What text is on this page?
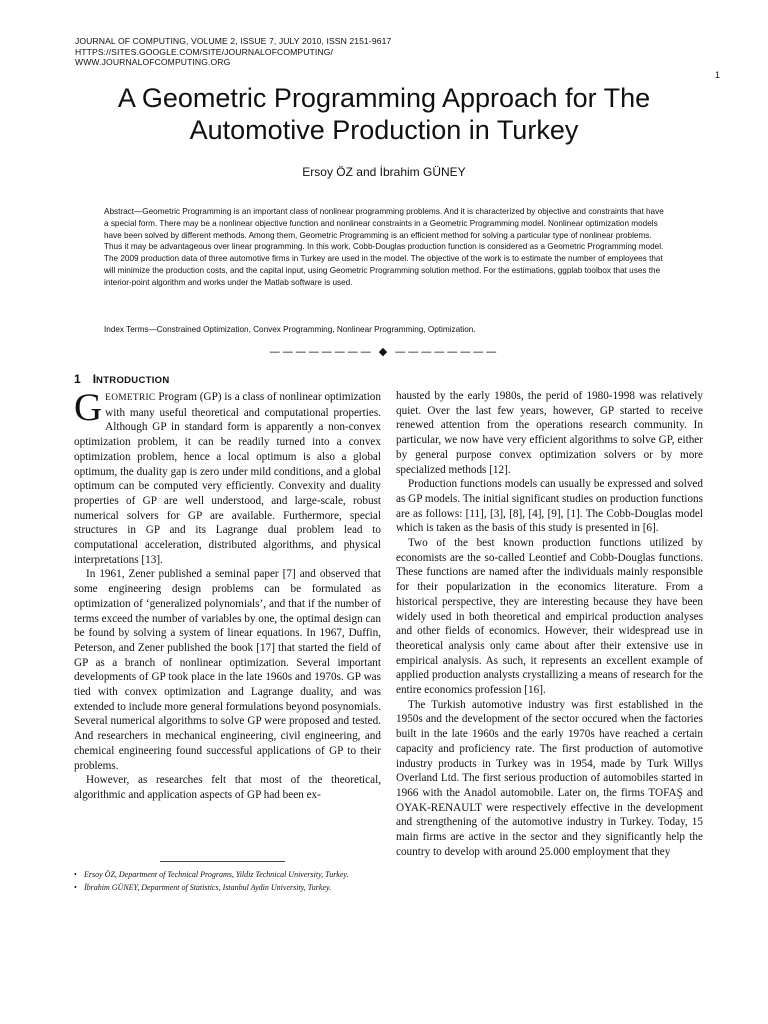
JOURNAL OF COMPUTING, VOLUME 2, ISSUE 7, JULY 2010, ISSN 2151-9617
HTTPS://SITES.GOOGLE.COM/SITE/JOURNALOFCOMPUTING/
WWW.JOURNALOFCOMPUTING.ORG
1
A Geometric Programming Approach for The
Automotive Production in Turkey
Ersoy ÖZ and İbrahim GÜNEY

Abstract—Geometric Programming is an important class of nonlinear programming problems. And it is characterized by objective and constraints that have a special form. There may be a nonlinear objective function and nonlinear constraints in a Geometric Programming model. Nonlinear optimization models have been solved by different methods. Among them, Geometric Programming is an efficient method for solving a particular type of nonlinear problems. Thus it may be advantageous over linear programming. In this work, Cobb-Douglas production function is considered as a Geometric Programming model. The 2009 production data of three automotive firms in Turkey are used in the model. The objective of the work is to estimate the number of employees that will minimize the production costs, and the capital input, using Geometric Programming solution method. For the estimations, ggplab toolbox that uses the interior-point algorithm and works under the Matlab software is used.

Index Terms—Constrained Optimization, Convex Programming, Nonlinear Programming, Optimization.

———————— ◆ ————————
1 INTRODUCTION

GEOMETRIC Program (GP) is a class of nonlinear optimization with many useful theoretical and computational properties. Although GP in standard form is apparently a non-convex optimization problem, it can be readily turned into a convex optimization problem, hence a local optimum is also a global optimum, the duality gap is zero under mild conditions, and a global optimum can be computed very efficiently. Convexity and duality properties of GP are well understood, and large-scale, robust numerical solvers for GP are available. Furthermore, special structures in GP and its Lagrange dual problem lead to computational acceleration, distributed algorithms, and physical interpretations [13].

In 1961, Zener published a seminal paper [7] and observed that some engineering design problems can be formulated as optimization of ‘generalized polynomials’, and that if the number of terms exceed the number of variables by one, the optimal design can be found by solving a system of linear equations. In 1967, Duffin, Peterson, and Zener published the book [17] that started the field of GP as a branch of nonlinear optimization. Several important developments of GP took place in the late 1960s and 1970s. GP was tied with convex optimization and Lagrange duality, and was extended to include more general formulations beyond posynomials. Several numerical algorithms to solve GP were proposed and tested. And researchers in mechanical engineering, civil engineering, and chemical engineering found successful applications of GP to their problems.

However, as researches felt that most of the theoretical, algorithmic and application aspects of GP had been ex-

hausted by the early 1980s, the perid of 1980-1998 was relatively quiet. Over the last few years, however, GP started to receive renewed attention from the operations research community. In particular, we now have very efficient algorithms to solve GP, either by general purpose convex optimization solvers or by more specialized methods [12].

Production functions models can usually be expressed and solved as GP models. The initial significant studies on production functions are as follows: [11], [3], [8], [4], [9], [1]. The Cobb-Douglas model which is taken as the basis of this study is presented in [6].

Two of the best known production functions utilized by economists are the so-called Leontief and Cobb-Douglas functions. These functions are named after the individuals mainly responsible for their popularization in the economics literature. From a historical perspective, they are interesting because they have been widely used in both theoretical and empirical production analyses and other fields of economics. However, their widespread use in theoretical analysis only came about after their extensive use in empirical analysis. As such, it represents an excellent example of applied production analysts crystallizing a means of research for the entire economics profession [16].

The Turkish automotive industry was first established in the 1950s and the development of the sector occured when the factories built in the late 1960s and the early 1970s have reached a certain capacity and proficiency rate. The first production of automotive industry products in Turkey was in 1954, made by Turk Willys Overland Ltd. The first serious production of automobiles started in 1966 with the Anadol automobile. Later on, the firms TOFAŞ and OYAK-RENAULT were respectively effective in the development and strengthening of the automotive industry in Turkey. Today, 15 main firms are active in the sector and they significantly help the country to develop with around 25.000 employment that they

• Ersoy ÖZ, Department of Technical Programs, Yildiz Technical University, Turkey.
• İbrahim GÜNEY, Department of Statistics, Istanbul Aydin University, Turkey.
